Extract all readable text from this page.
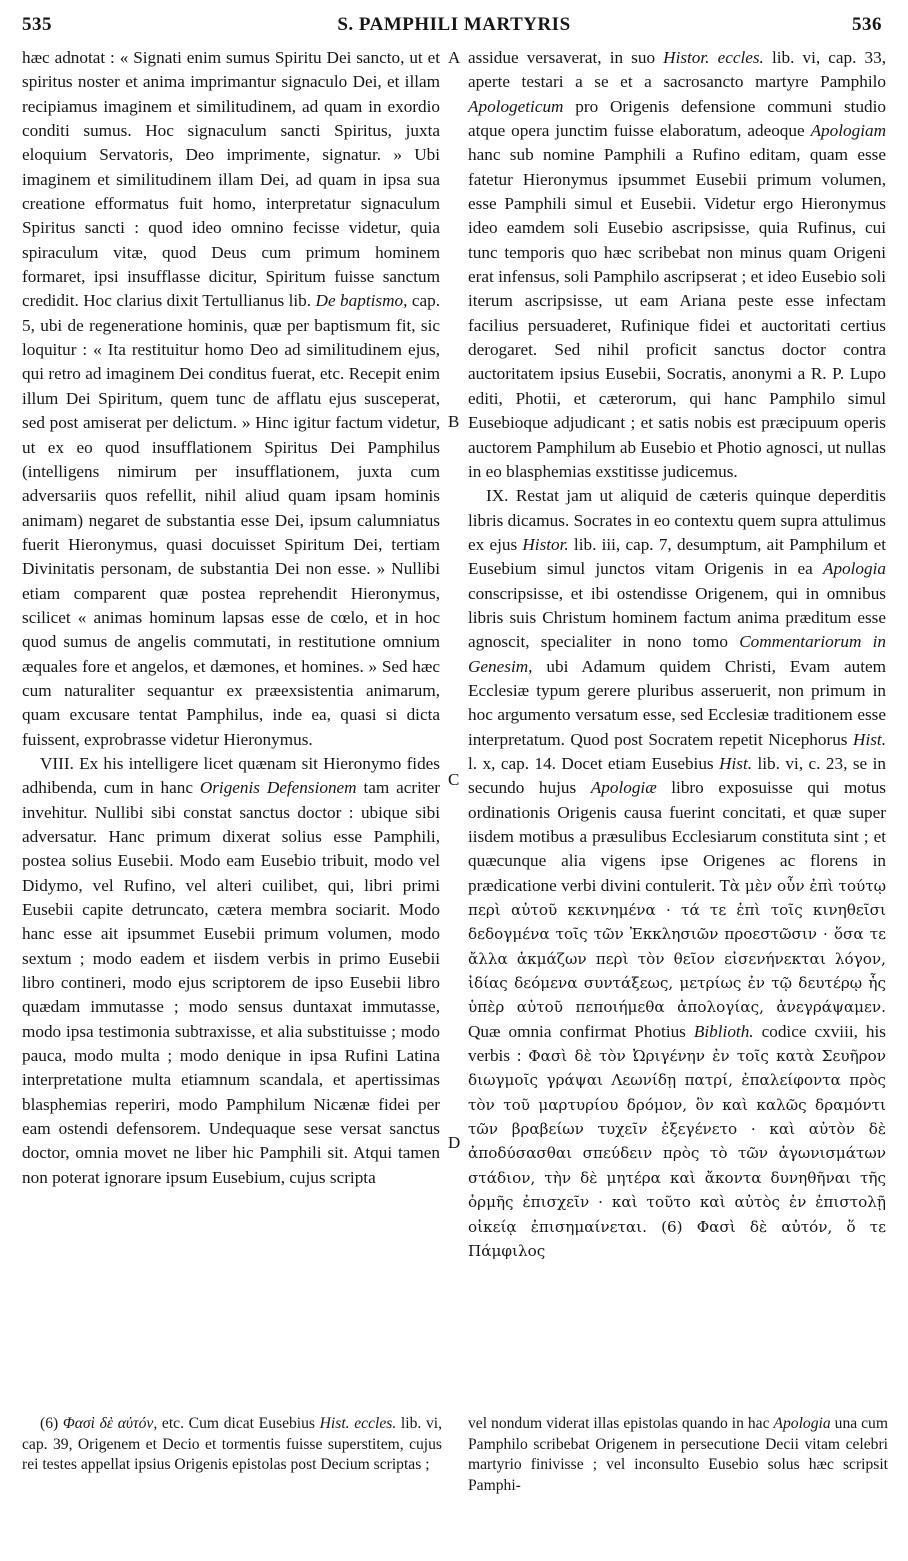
535	S. PAMPHILI MARTYRIS	536
A
B
C
D

hæc adnotat : « Signati enim sumus Spiritu Dei sancto, ut et spiritus noster et anima imprimantur signaculo Dei, et illam recipiamus imaginem et similitudinem, ad quam in exordio conditi sumus. Hoc signaculum sancti Spiritus, juxta eloquium Servatoris, Deo imprimente, signatur. » Ubi imaginem et similitudinem illam Dei, ad quam in ipsa sua creatione efformatus fuit homo, interpretatur signaculum Spiritus sancti : quod ideo omnino fecisse videtur, quia spiraculum vitæ, quod Deus cum primum hominem formaret, ipsi insufflasse dicitur, Spiritum fuisse sanctum credidit. Hoc clarius dixit Tertullianus lib. De baptismo, cap. 5, ubi de regeneratione hominis, quæ per baptismum fit, sic loquitur : « Ita restituitur homo Deo ad similitudinem ejus, qui retro ad imaginem Dei conditus fuerat, etc. Recepit enim illum Dei Spiritum, quem tunc de afflatu ejus susceperat, sed post amiserat per delictum. » Hinc igitur factum videtur, ut ex eo quod insufflationem Spiritus Dei Pamphilus (intelligens nimirum per insufflationem, juxta cum adversariis quos refellit, nihil aliud quam ipsam hominis animam) negaret de substantia esse Dei, ipsum calumniatus fuerit Hieronymus, quasi docuisset Spiritum Dei, tertiam Divinitatis personam, de substantia Dei non esse. » Nullibi etiam comparent quæ postea reprehendit Hieronymus, scilicet « animas hominum lapsas esse de cœlo, et in hoc quod sumus de angelis commutati, in restitutione omnium æquales fore et angelos, et dæmones, et homines. » Sed hæc cum naturaliter sequantur ex præexsistentia animarum, quam excusare tentat Pamphilus, inde ea, quasi si dicta fuissent, exprobrasse videtur Hieronymus.

VIII. Ex his intelligere licet quænam sit Hieronymo fides adhibenda, cum in hanc Origenis Defensionem tam acriter invehitur. Nullibi sibi constat sanctus doctor : ubique sibi adversatur. Hanc primum dixerat solius esse Pamphili, postea solius Eusebii. Modo eam Eusebio tribuit, modo vel Didymo, vel Rufino, vel alteri cuilibet, qui, libri primi Eusebii capite detruncato, cætera membra sociarit. Modo hanc esse ait ipsummet Eusebii primum volumen, modo sextum ; modo eadem et iisdem verbis in primo Eusebii libro contineri, modo ejus scriptorem de ipso Eusebii libro quædam immutasse ; modo sensus duntaxat immutasse, modo ipsa testimonia subtraxisse, et alia substituisse ; modo pauca, modo multa ; modo denique in ipsa Rufini Latina interpretatione multa etiamnum scandala, et apertissimas blasphemias reperiri, modo Pamphilum Nicænæ fidei per eam ostendi defensorem. Undequaque sese versat sanctus doctor, omnia movet ne liber hic Pamphili sit. Atqui tamen non poterat ignorare ipsum Eusebium, cujus scripta

assidue versaverat, in suo Histor. eccles. lib. vi, cap. 33, aperte testari a se et a sacrosancto martyre Pamphilo Apologeticum pro Origenis defensione communi studio atque opera junctim fuisse elaboratum, adeoque Apologiam hanc sub nomine Pamphili a Rufino editam, quam esse fatetur Hieronymus ipsummet Eusebii primum volumen, esse Pamphili simul et Eusebii. Videtur ergo Hieronymus ideo eamdem soli Eusebio ascripsisse, quia Rufinus, cui tunc temporis quo hæc scribebat non minus quam Origeni erat infensus, soli Pamphilo ascripserat ; et ideo Eusebio soli iterum ascripsisse, ut eam Ariana peste esse infectam facilius persuaderet, Rufinique fidei et auctoritati certius derogaret. Sed nihil proficit sanctus doctor contra auctoritatem ipsius Eusebii, Socratis, anonymi a R. P. Lupo editi, Photii, et cæterorum, qui hanc Pamphilo simul Eusebioque adjudicant ; et satis nobis est præcipuum operis auctorem Pamphilum ab Eusebio et Photio agnosci, ut nullas in eo blasphemias exstitisse judicemus.

IX. Restat jam ut aliquid de cæteris quinque deperditis libris dicamus. Socrates in eo contextu quem supra attulimus ex ejus Histor. lib. iii, cap. 7, desumptum, ait Pamphilum et Eusebium simul junctos vitam Origenis in ea Apologia conscripsisse, et ibi ostendisse Origenem, qui in omnibus libris suis Christum hominem factum anima præditum esse agnoscit, specialiter in nono tomo Commentariorum in Genesim, ubi Adamum quidem Christi, Evam autem Ecclesiæ typum gerere pluribus asseruerit, non primum in hoc argumento versatum esse, sed Ecclesiæ traditionem esse interpretatum. Quod post Socratem repetit Nicephorus Hist. l. x, cap. 14. Docet etiam Eusebius Hist. lib. vi, c. 23, se in secundo hujus Apologiæ libro exposuisse qui motus ordinationis Origenis causa fuerint concitati, et quæ super iisdem motibus a præsulibus Ecclesiarum constituta sint ; et quæcunque alia vigens ipse Origenes ac florens in prædicatione verbi divini contulerit. Τὰ μὲν οὖν ἐπὶ τούτῳ περὶ αὐτοῦ κεκινημένα · τά τε ἐπὶ τοῖς κινηθεῖσι δεδογμένα τοῖς τῶν Ἐκκλησιῶν προεστῶσιν · ὅσα τε ἄλλα ἀκμάζων περὶ τὸν θεῖον εἰσενήνεκται λόγον, ἰδίας δεόμενα συντάξεως, μετρίως ἐν τῷ δευτέρῳ ἧς ὑπὲρ αὐτοῦ πεποιήμεθα ἀπολογίας, ἀνεγράψαμεν. Quæ omnia confirmat Photius Biblioth. codice cxviii, his verbis : Φασὶ δὲ τὸν Ὠριγένην ἐν τοῖς κατὰ Σευῆρον διωγμοῖς γράψαι Λεωνίδῃ πατρί, ἐπαλείφοντα πρὸς τὸν τοῦ μαρτυρίου δρόμον, ὃν καὶ καλῶς δραμόντι τῶν βραβείων τυχεῖν ἐξεγένετο · καὶ αὐτὸν δὲ ἀποδύσασθαι σπεύδειν πρὸς τὸ τῶν ἀγωνισμάτων στάδιον, τὴν δὲ μητέρα καὶ ἄκοντα δυνηθῆναι τῆς ὁρμῆς ἐπισχεῖν · καὶ τοῦτο καὶ αὐτὸς ἐν ἐπιστολῇ οἰκείᾳ ἐπισημαίνεται. (6) Φασὶ δὲ αὐτόν, ὅ τε Πάμφιλος

(6) Φασὶ δὲ αὐτόν, etc. Cum dicat Eusebius Hist. eccles. lib. vi, cap. 39, Origenem et Decio et tormentis fuisse superstitem, cujus rei testes appellat ipsius Origenis epistolas post Decium scriptas ;
vel nondum viderat illas epistolas quando in hac Apologia una cum Pamphilo scribebat Origenem in persecutione Decii vitam celebri martyrio finivisse ; vel inconsulto Eusebio solus hæc scripsit Pamphi-
